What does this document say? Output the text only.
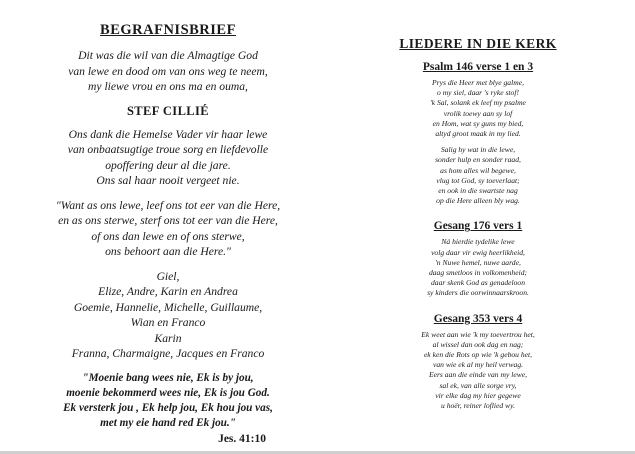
BEGRAFNISBRIEF
Dit was die wil van die Almagtige God
van lewe en dood om van ons weg te neem,
my liewe vrou en ons ma en ouma,
STEF CILLIÉ
Ons dank die Hemelse Vader vir haar lewe
van onbaatsugtige troue sorg en liefdevolle
opoffering deur al die jare.
Ons sal haar nooit vergeet nie.
"Want as ons lewe, leef ons tot eer van die Here,
en as ons sterwe, sterf ons tot eer van die Here,
of ons dan lewe en of ons sterwe,
ons behoort aan die Here."
Giel,
Elize, Andre, Karin en Andrea
Goemie, Hannelie, Michelle, Guillaume,
Wian en Franco
Karin
Franna, Charmaigne, Jacques en Franco
"Moenie bang wees nie, Ek is by jou,
moenie bekommerd wees nie, Ek is jou God.
Ek versterk jou , Ek help jou, Ek hou jou vas,
met my eie hand red Ek jou."
Jes. 41:10
LIEDERE IN DIE KERK
Psalm 146 verse 1 en 3
Prys die Heer met blye galme,
o my siel, daar 's ryke stof!
'k Sal, solank ek leef my psalme
vrolik toewy aan sy lof
en Hom, wat sy guns my bied,
altyd groot maak in my lied.
Salig hy wat in die lewe,
sonder hulp en sonder raad,
as hom alles wil begewe,
vlug tot God, sy toeverlaat;
en ook in die swartste nag
op die Here alleen bly wag.
Gesang 176 vers 1
Ná hierdie tydelike lewe
volg daar vir ewig heerlikheid,
'n Nuwe hemel, nuwe aarde,
daag smetloos in volkomenheid;
daar skenk God as genadeloon
sy kinders die oorwinnaarskroon.
Gesang 353 vers 4
Ek weet aan wie 'k my toevertrou het,
al wissel dan ook dag en nag;
ek ken die Rots op wie 'k gebou het,
van wie ek al my heil verwag.
Eers aan die einde van my lewe,
sal ek, van alle sorge vry,
vir elke dag my hier gegewe
u hoër, reiner loflied wy.
